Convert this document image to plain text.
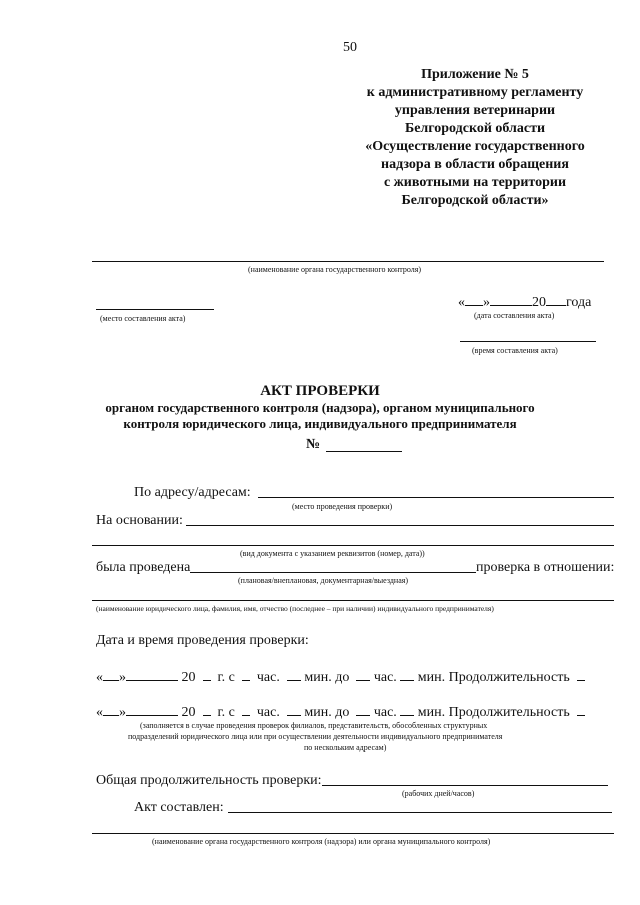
50
Приложение № 5
к административному регламенту
управления ветеринарии
Белгородской области
«Осуществление государственного
надзора в области обращения
с животными на территории
Белгородской области»
(наименование органа государственного контроля)
(место составления акта)
« »	20 года
(дата составления акта)
(время составления акта)
АКТ ПРОВЕРКИ
органом государственного контроля (надзора), органом муниципального
контроля юридического лица, индивидуального предпринимателя
№
По адресу/адресам:
(место проведения проверки)
На основании:
(вид документа с указанием реквизитов (номер, дата))
была проведена	проверка в отношении:
(плановая/внеплановая, документарная/выездная)
(наименование юридического лица, фамилия, имя, отчество (последнее – при наличии) индивидуального предпринимателя)
Дата и время проведения проверки:
« »	20 г. с час. мин. до час. мин. Продолжительность
« »	20 г. с час. мин. до час. мин. Продолжительность
(заполняется в случае проведения проверок филиалов, представительств, обособленных структурных
подразделений юридического лица или при осуществлении деятельности индивидуального предпринимателя
по нескольким адресам)
Общая продолжительность проверки:
(рабочих дней/часов)
Акт составлен:
(наименование органа государственного контроля (надзора) или органа муниципального контроля)
